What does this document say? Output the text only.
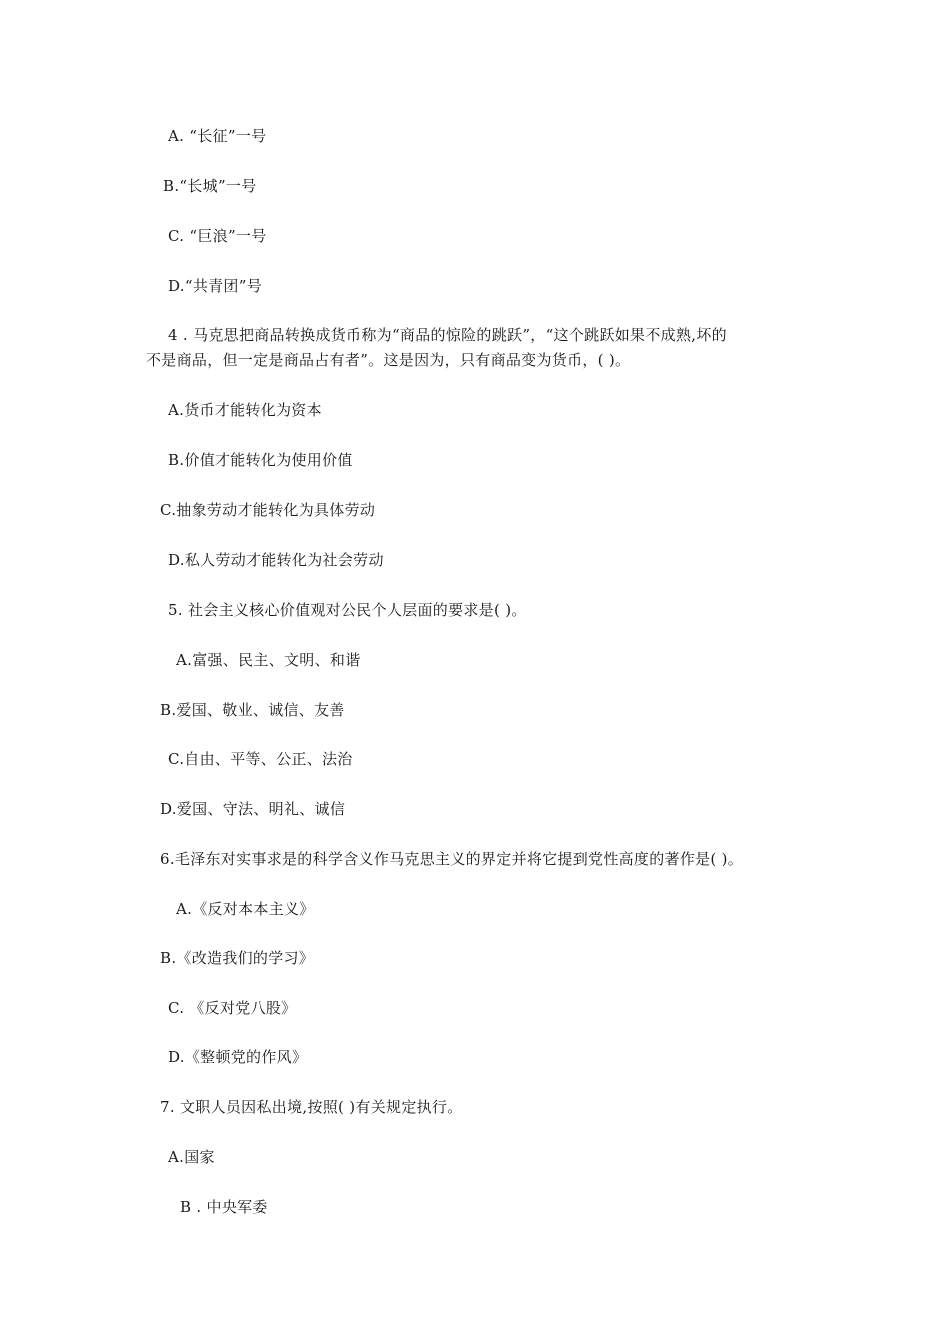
A. “长征”一号
B.“长城”一号
C. “巨浪”一号
D.“共青团”号
4 . 马克思把商品转换成货币称为“商品的惊险的跳跃”，“这个跳跃如果不成熟,坏的
不是商品，但一定是商品占有者”。这是因为，只有商品变为货币，( )。
A.货币才能转化为资本
B.价值才能转化为使用价值
C.抽象劳动才能转化为具体劳动
D.私人劳动才能转化为社会劳动
5. 社会主义核心价值观对公民个人层面的要求是( )。
A.富强、民主、文明、和谐
B.爱国、敬业、诚信、友善
C.自由、平等、公正、法治
D.爱国、守法、明礼、诚信
6.毛泽东对实事求是的科学含义作马克思主义的界定并将它提到党性高度的著作是( )。
A.《反对本本主义》
B.《改造我们的学习》
C. 《反对党八股》
D.《整顿党的作风》
7. 文职人员因私出境,按照( )有关规定执行。
A.国家
B . 中央军委
